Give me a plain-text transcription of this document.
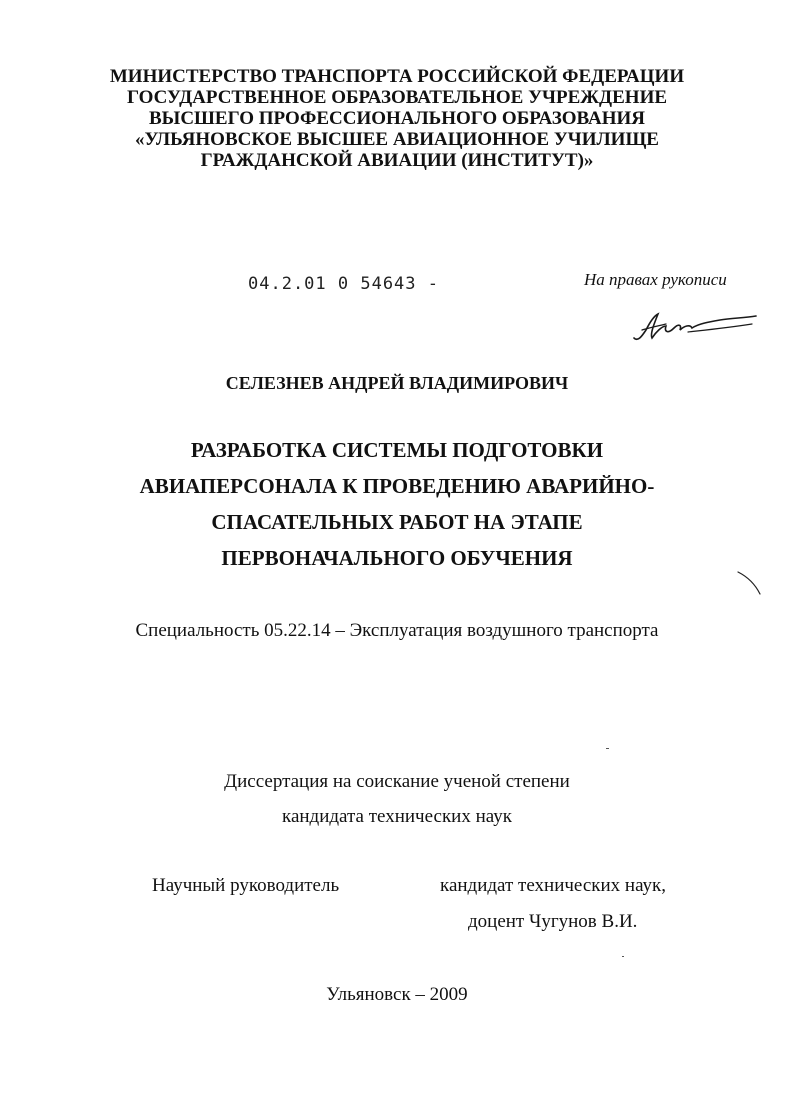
МИНИСТЕРСТВО ТРАНСПОРТА РОССИЙСКОЙ ФЕДЕРАЦИИ
ГОСУДАРСТВЕННОЕ ОБРАЗОВАТЕЛЬНОЕ УЧРЕЖДЕНИЕ
ВЫСШЕГО ПРОФЕССИОНАЛЬНОГО ОБРАЗОВАНИЯ
«УЛЬЯНОВСКОЕ ВЫСШЕЕ АВИАЦИОННОЕ УЧИЛИЩЕ
ГРАЖДАНСКОЙ АВИАЦИИ (ИНСТИТУТ)»
04.2.01 0 54643 -	На правах рукописи
СЕЛЕЗНЕВ АНДРЕЙ ВЛАДИМИРОВИЧ
РАЗРАБОТКА СИСТЕМЫ ПОДГОТОВКИ
АВИАПЕРСОНАЛА К ПРОВЕДЕНИЮ АВАРИЙНО-
СПАСАТЕЛЬНЫХ РАБОТ НА ЭТАПЕ
ПЕРВОНАЧАЛЬНОГО ОБУЧЕНИЯ
Специальность 05.22.14 – Эксплуатация воздушного транспорта
Диссертация на соискание ученой степени
кандидата технических наук
Научный руководитель	кандидат технических наук,
доцент Чугунов В.И.
Ульяновск – 2009
